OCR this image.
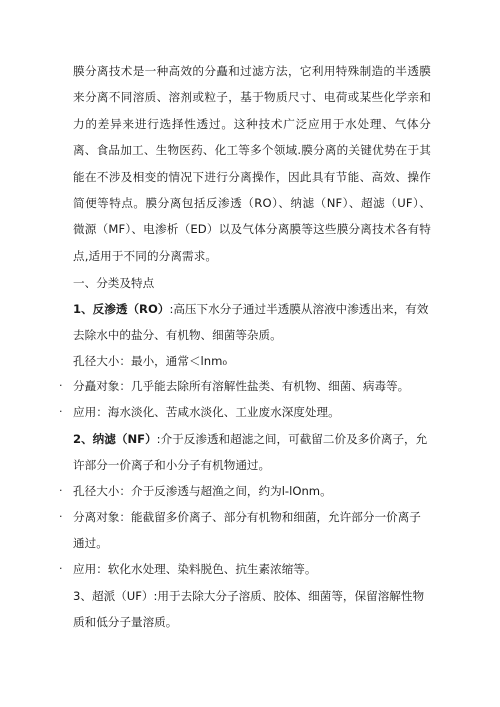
膜分离技术是一种高效的分矗和过滤方法，它利用特殊制造的半透膜来分离不同溶质、溶剂或粒子，基于物质尺寸、电荷或某些化学亲和力的差异来进行选择性透过。这种技术广泛应用于水处理、气体分离、食品加工、生物医药、化工等多个领域.膜分离的关键优势在于其能在不涉及相变的情况下进行分离操作，因此具有节能、高效、操作简便等特点。膜分离包括反渗透（RO）、纳滤（NF）、超滤（UF）、微源（MF）、电渗析（ED）以及气体分离膜等这些膜分离技术各有特点,适用于不同的分离需求。

一、分类及特点

1、反渗透（RO）:高压下水分子通过半透膜从溶液中渗透出来，有效

去除水中的盐分、有机物、细菌等杂质。

孔径大小：最小，通常＜lnm₀

· 分矗对象：几乎能去除所有溶解性盐类、有机物、细菌、病毒等。

· 应用：海水淡化、苦咸水淡化、工业废水深度处理。

2、纳滤（NF）:介于反渗透和超滤之间，可截留二价及多价离子，允

许部分一价离子和小分子有机物通过。

· 孔径大小：介于反渗透与超渔之间，约为l-lOnm。

· 分离对象：能截留多价离子、部分有机物和细菌，允许部分一价离子

通过。

· 应用：软化水处理、染料脱色、抗生素浓缩等。

3、超派（UF）:用于去除大分子溶质、胶体、细菌等，保留溶解性物

质和低分子量溶质。
